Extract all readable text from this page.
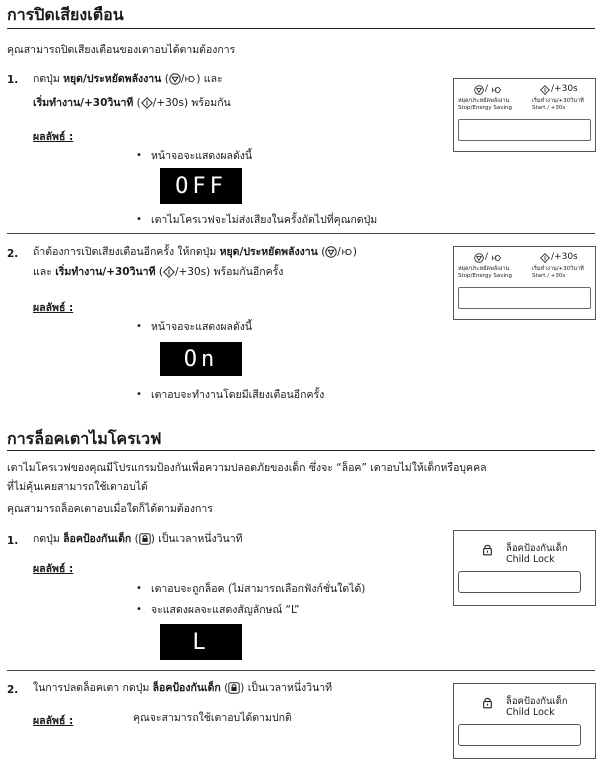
การปิดเสียงเตือน
คุณสามารถปิดเสียงเตือนของเตาอบได้ตามต้องการ
1. กดปุ่ม หยุด/ประหยัดพลังงาน ( / ) และ
เริ่มทำงาน/+30วินาที ( /+30s) พร้อมกัน
ผลลัพธ์ :
• หน้าจอจะแสดงผลดังนี้
OFF
• เตาไมโครเวฟจะไม่ส่งเสียงในครั้งถัดไปที่คุณกดปุ่ม
/	/+30s
หยุด/ประหยัดพลังงาน
Stop/Energy Saving
เริ่มทำงาน/+30วินาที
Start / +30s
2. ถ้าต้องการเปิดเสียงเตือนอีกครั้ง ให้กดปุ่ม หยุด/ประหยัดพลังงาน ( / )
และ เริ่มทำงาน/+30วินาที ( /+30s) พร้อมกันอีกครั้ง
ผลลัพธ์ :
• หน้าจอจะแสดงผลดังนี้
On
• เตาอบจะทำงานโดยมีเสียงเตือนอีกครั้ง
/	/+30s
หยุด/ประหยัดพลังงาน
Stop/Energy Saving
เริ่มทำงาน/+30วินาที
Start / +30s
การล็อคเตาไมโครเวฟ
เตาไมโครเวฟของคุณมีโปรแกรมป้องกันเพื่อความปลอดภัยของเด็ก ซึ่งจะ “ล็อค” เตาอบไม่ให้เด็กหรือบุคคล
ที่ไม่คุ้นเคยสามารถใช้เตาอบได้
คุณสามารถล็อคเตาอบเมื่อใดก็ได้ตามต้องการ
1. กดปุ่ม ล็อคป้องกันเด็ก ( ) เป็นเวลาหนึ่งวินาที
ผลลัพธ์ :
• เตาอบจะถูกล็อค (ไม่สามารถเลือกฟังก์ชั่นใดได้)
• จะแสดงผลจะแสดงสัญลักษณ์ “L”
L
ล็อคป้องกันเด็ก
Child Lock
2. ในการปลดล็อคเตา กดปุ่ม ล็อคป้องกันเด็ก ( ) เป็นเวลาหนึ่งวินาที
ผลลัพธ์ :	คุณจะสามารถใช้เตาอบได้ตามปกติ
ล็อคป้องกันเด็ก
Child Lock
